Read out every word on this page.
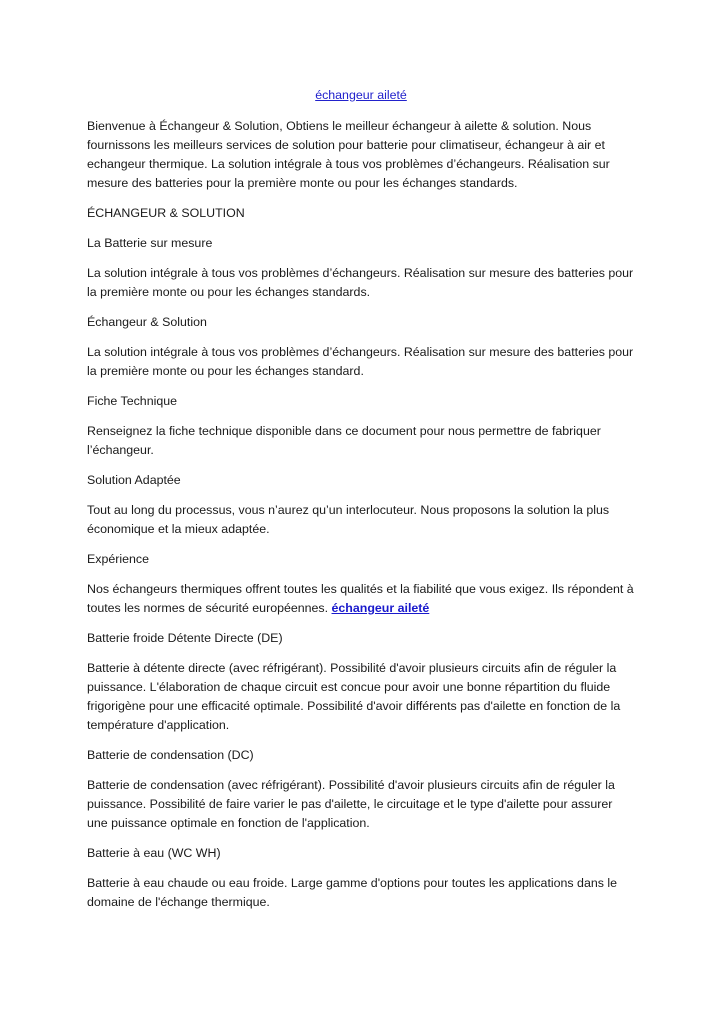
échangeur aileté

Bienvenue à Échangeur & Solution, Obtiens le meilleur échangeur à ailette & solution. Nous fournissons les meilleurs services de solution pour batterie pour climatiseur, échangeur à air et echangeur thermique. La solution intégrale à tous vos problèmes d’échangeurs. Réalisation sur mesure des batteries pour la première monte ou pour les échanges standards.

ÉCHANGEUR & SOLUTION

La Batterie sur mesure

La solution intégrale à tous vos problèmes d’échangeurs. Réalisation sur mesure des batteries pour la première monte ou pour les échanges standards.

Échangeur & Solution

La solution intégrale à tous vos problèmes d’échangeurs. Réalisation sur mesure des batteries pour la première monte ou pour les échanges standard.

Fiche Technique

Renseignez la fiche technique disponible dans ce document pour nous permettre de fabriquer l’échangeur.

Solution Adaptée

Tout au long du processus, vous n’aurez qu’un interlocuteur. Nous proposons la solution la plus économique et la mieux adaptée.

Expérience

Nos échangeurs thermiques offrent toutes les qualités et la fiabilité que vous exigez. Ils répondent à toutes les normes de sécurité européennes. échangeur aileté

Batterie froide Détente Directe (DE)

Batterie à détente directe (avec réfrigérant). Possibilité d'avoir plusieurs circuits afin de réguler la puissance. L'élaboration de chaque circuit est concue pour avoir une bonne répartition du fluide frigorigène pour une efficacité optimale. Possibilité d'avoir différents pas d'ailette en fonction de la température d'application.

Batterie de condensation (DC)

Batterie de condensation (avec réfrigérant). Possibilité d'avoir plusieurs circuits afin de réguler la puissance. Possibilité de faire varier le pas d'ailette, le circuitage et le type d'ailette pour assurer une puissance optimale en fonction de l'application.

Batterie à eau (WC WH)

Batterie à eau chaude ou eau froide. Large gamme d'options pour toutes les applications dans le domaine de l'échange thermique.
